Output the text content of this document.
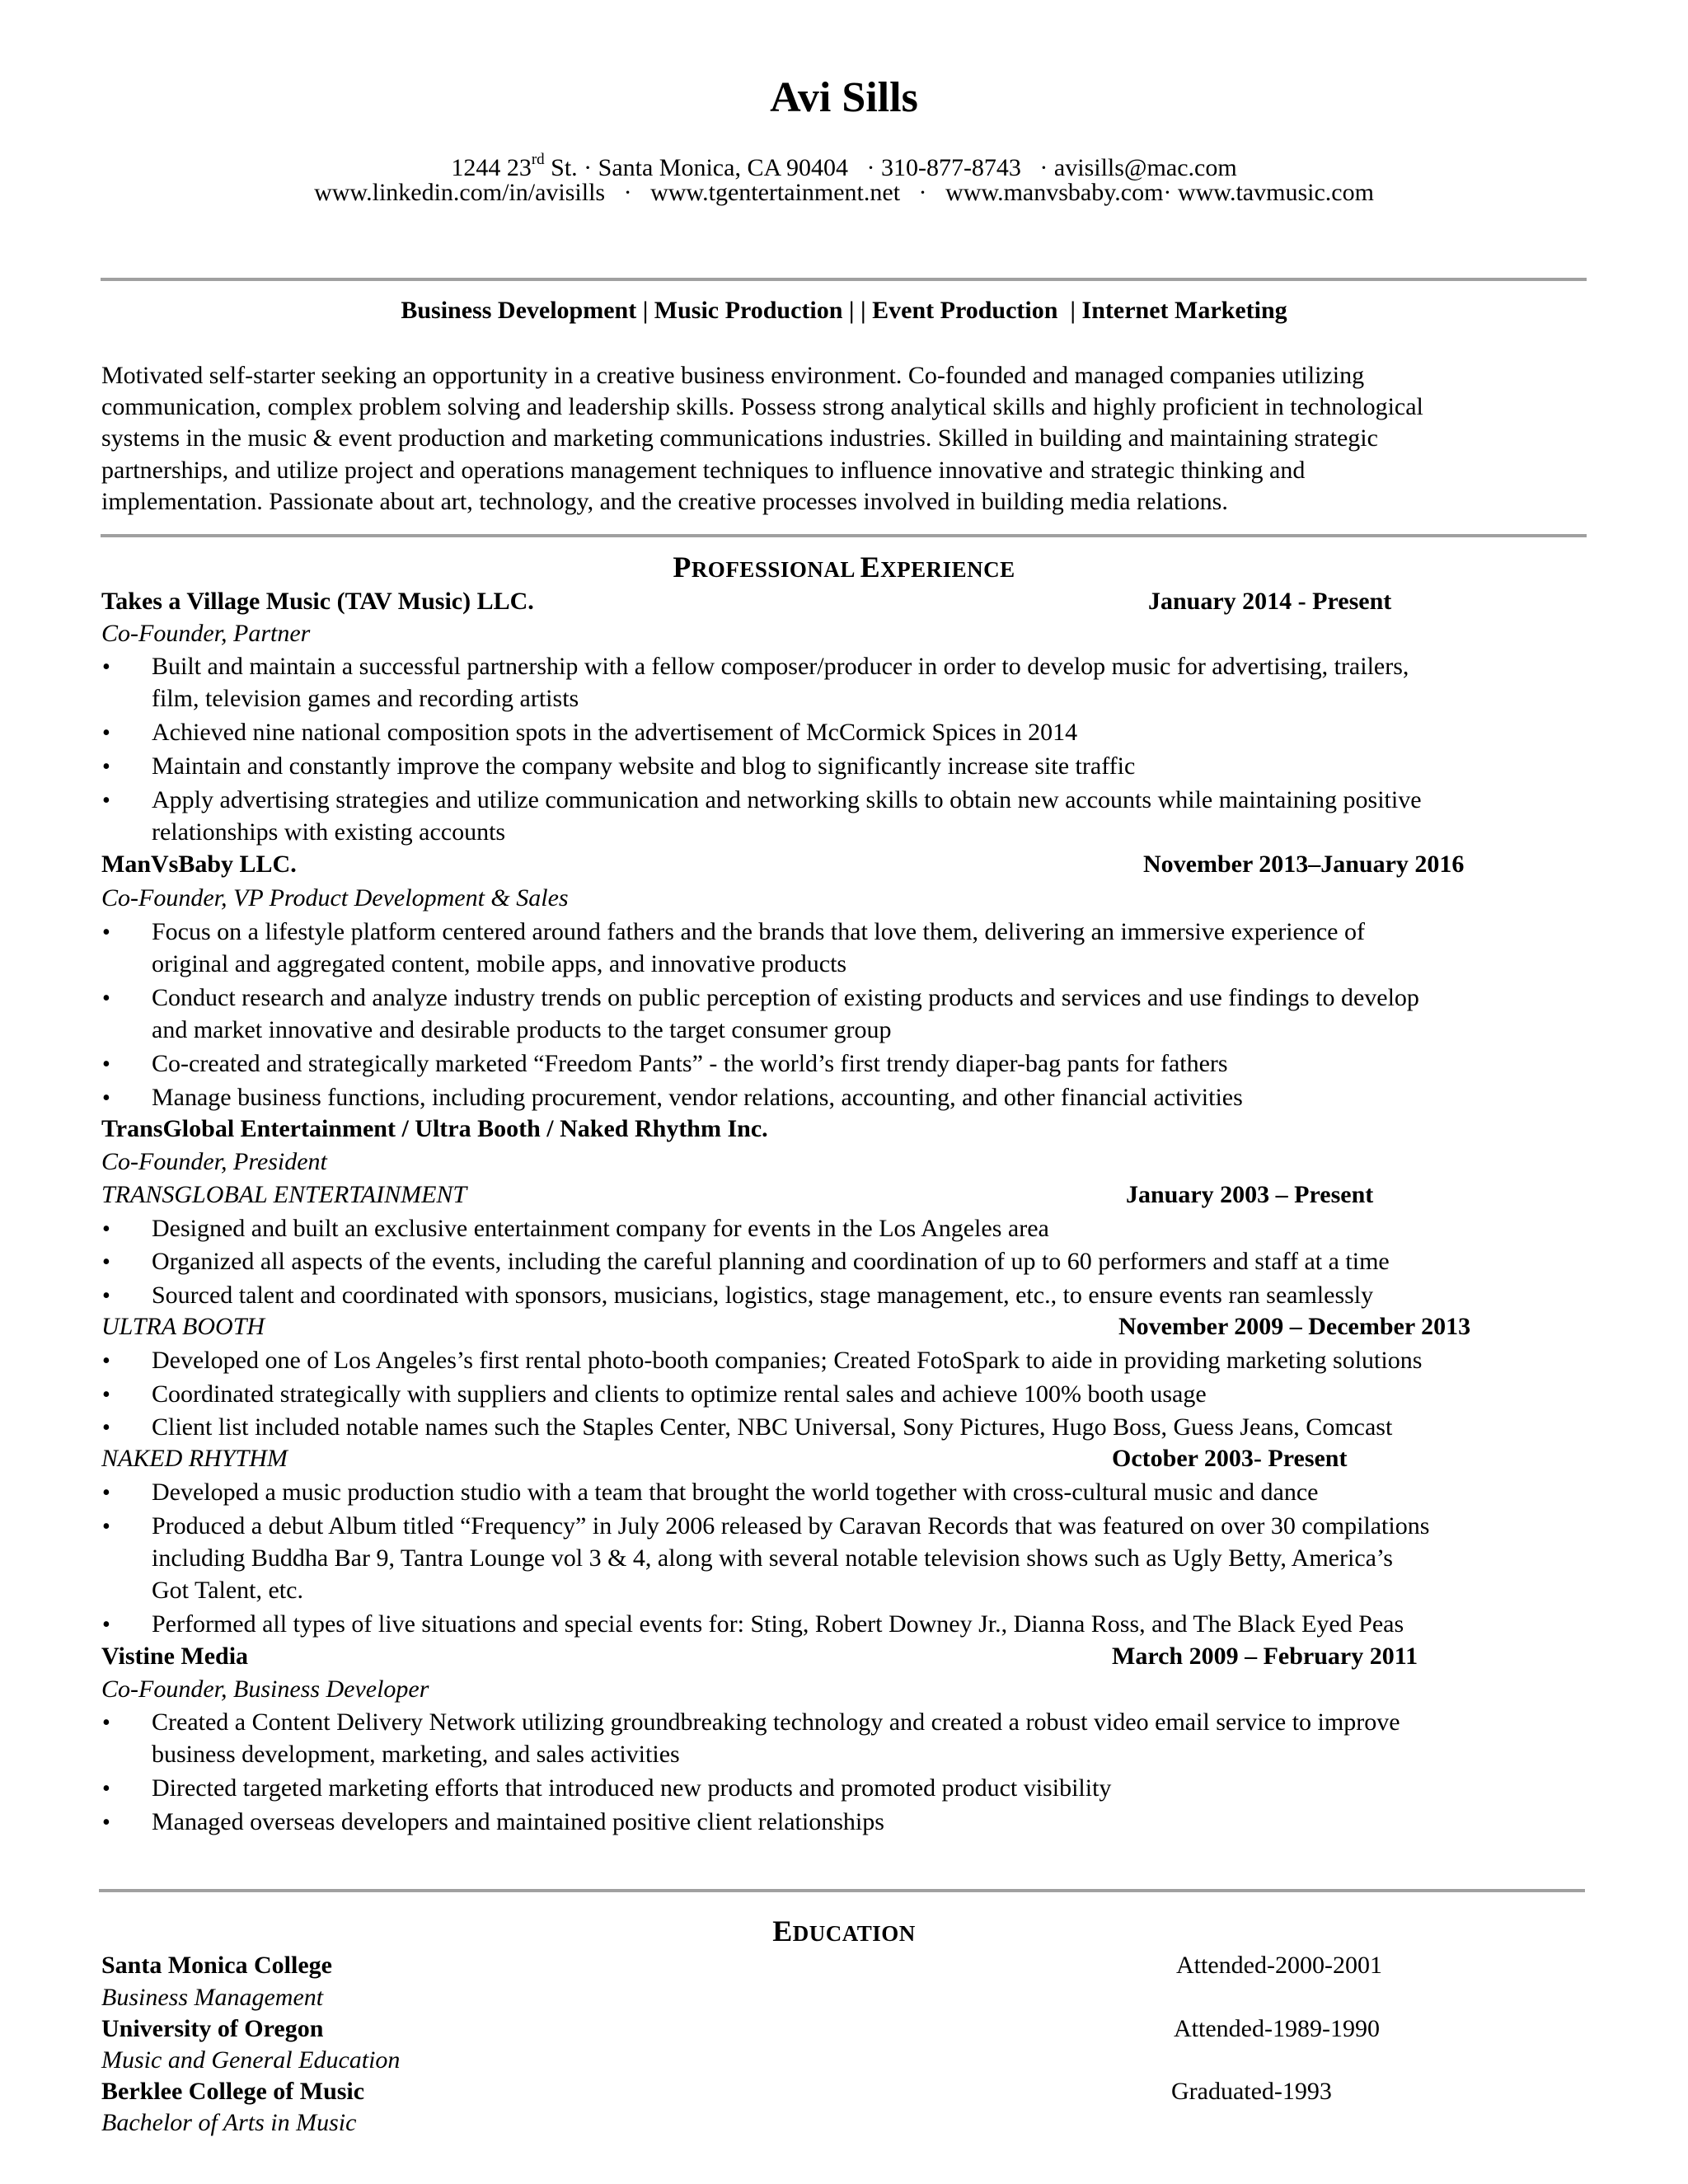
Avi Sills
1244 23rd St. · Santa Monica, CA 90404   · 310-877-8743   · avisills@mac.com
www.linkedin.com/in/avisills   ·   www.tgentertainment.net   ·   www.manvsbaby.com· www.tavmusic.com
Business Development | Music Production | | Event Production  | Internet Marketing
Motivated self-starter seeking an opportunity in a creative business environment. Co-founded and managed companies utilizing
communication, complex problem solving and leadership skills. Possess strong analytical skills and highly proficient in technological
systems in the music & event production and marketing communications industries. Skilled in building and maintaining strategic
partnerships, and utilize project and operations management techniques to influence innovative and strategic thinking and
implementation. Passionate about art, technology, and the creative processes involved in building media relations.
PROFESSIONAL EXPERIENCE
Takes a Village Music (TAV Music) LLC.	January 2014 - Present
Co-Founder, Partner
•
Built and maintain a successful partnership with a fellow composer/producer in order to develop music for advertising, trailers,
film, television games and recording artists
•
Achieved nine national composition spots in the advertisement of McCormick Spices in 2014
•
Maintain and constantly improve the company website and blog to significantly increase site traffic
•
Apply advertising strategies and utilize communication and networking skills to obtain new accounts while maintaining positive
relationships with existing accounts
ManVsBaby LLC.	November 2013–January 2016
Co-Founder, VP Product Development & Sales
•
Focus on a lifestyle platform centered around fathers and the brands that love them, delivering an immersive experience of
original and aggregated content, mobile apps, and innovative products
•
Conduct research and analyze industry trends on public perception of existing products and services and use findings to develop
and market innovative and desirable products to the target consumer group
•
Co-created and strategically marketed “Freedom Pants” - the world’s first trendy diaper-bag pants for fathers
•
Manage business functions, including procurement, vendor relations, accounting, and other financial activities
TransGlobal Entertainment / Ultra Booth / Naked Rhythm Inc.
Co-Founder, President
TRANSGLOBAL ENTERTAINMENT	January 2003 – Present
•
Designed and built an exclusive entertainment company for events in the Los Angeles area
•
Organized all aspects of the events, including the careful planning and coordination of up to 60 performers and staff at a time
•
Sourced talent and coordinated with sponsors, musicians, logistics, stage management, etc., to ensure events ran seamlessly
ULTRA BOOTH	November 2009 – December 2013
•
Developed one of Los Angeles’s first rental photo-booth companies; Created FotoSpark to aide in providing marketing solutions
•
Coordinated strategically with suppliers and clients to optimize rental sales and achieve 100% booth usage
•
Client list included notable names such the Staples Center, NBC Universal, Sony Pictures, Hugo Boss, Guess Jeans, Comcast
NAKED RHYTHM	October 2003- Present
•
Developed a music production studio with a team that brought the world together with cross-cultural music and dance
•
Produced a debut Album titled “Frequency” in July 2006 released by Caravan Records that was featured on over 30 compilations
including Buddha Bar 9, Tantra Lounge vol 3 & 4, along with several notable television shows such as Ugly Betty, America’s
Got Talent, etc.
•
Performed all types of live situations and special events for: Sting, Robert Downey Jr., Dianna Ross, and The Black Eyed Peas
Vistine Media	March 2009 – February 2011
Co-Founder, Business Developer
•
Created a Content Delivery Network utilizing groundbreaking technology and created a robust video email service to improve
business development, marketing, and sales activities
•
Directed targeted marketing efforts that introduced new products and promoted product visibility
•
Managed overseas developers and maintained positive client relationships
EDUCATION
Santa Monica College	Attended-2000-2001
Business Management
University of Oregon	Attended-1989-1990
Music and General Education
Berklee College of Music	Graduated-1993
Bachelor of Arts in Music
